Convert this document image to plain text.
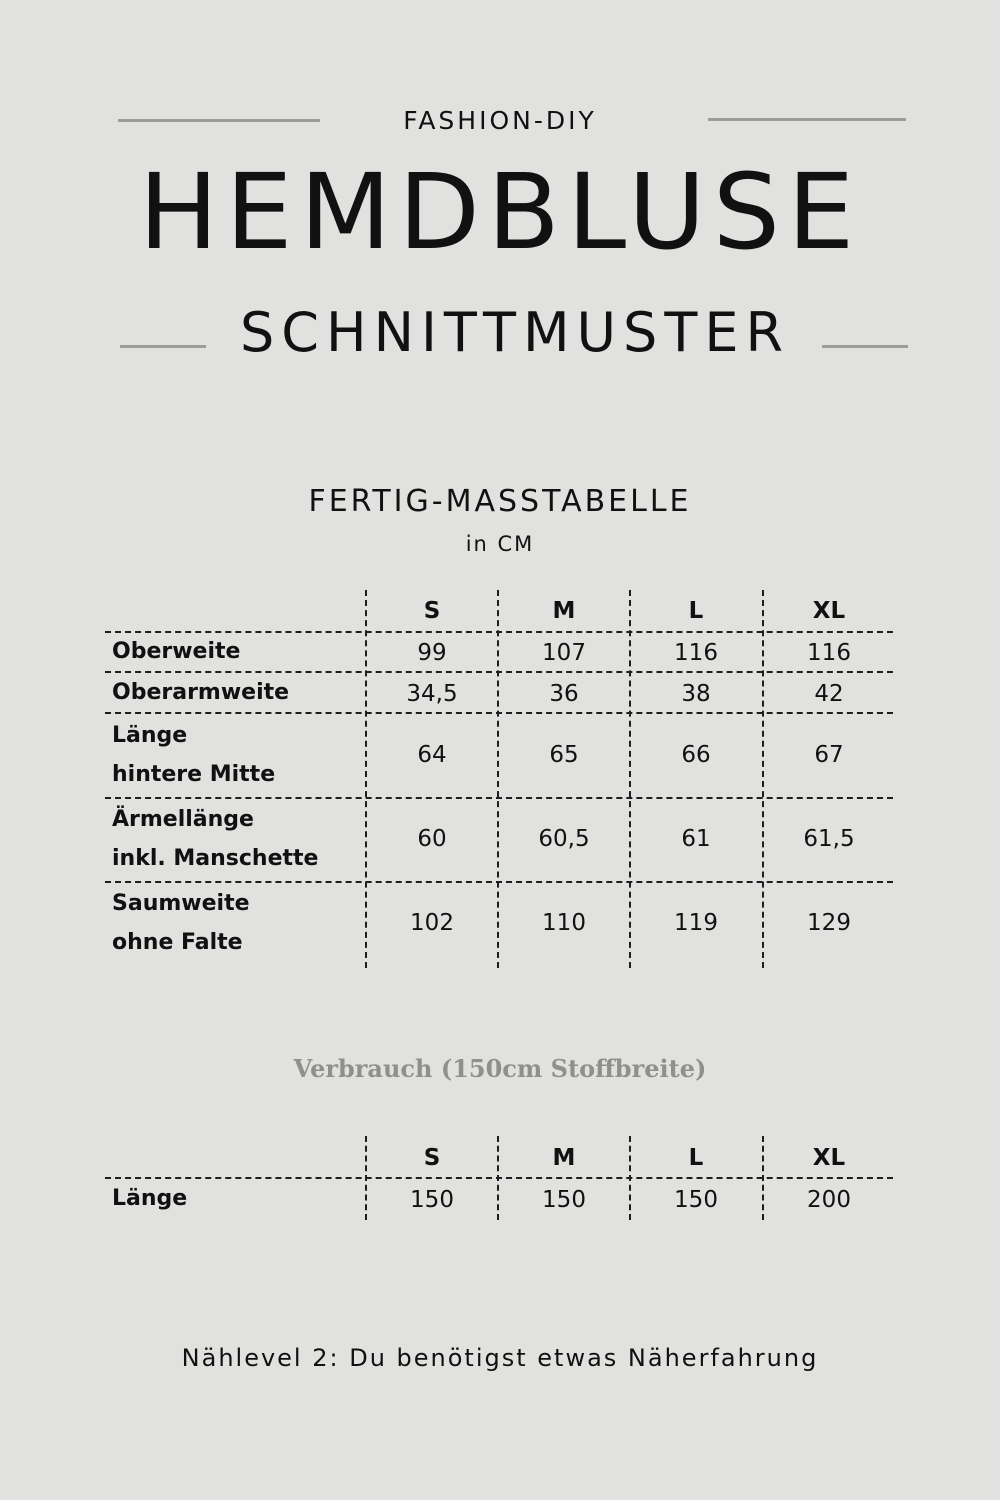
FASHION-DIY
HEMDBLUSE
SCHNITTMUSTER
FERTIG-MASSTABELLE
in CM
S	M	L	XL
Oberweite	99	107	116	116
Oberarmweite	34,5	36	38	42
Länge
hintere Mitte
64	65	66	67
Ärmellänge
inkl. Manschette
60	60,5	61	61,5
Saumweite
ohne Falte
102	110	119	129
Verbrauch (150cm Stoffbreite)
S	M	L	XL
Länge	150	150	150	200
Nählevel 2: Du benötigst etwas Näherfahrung
